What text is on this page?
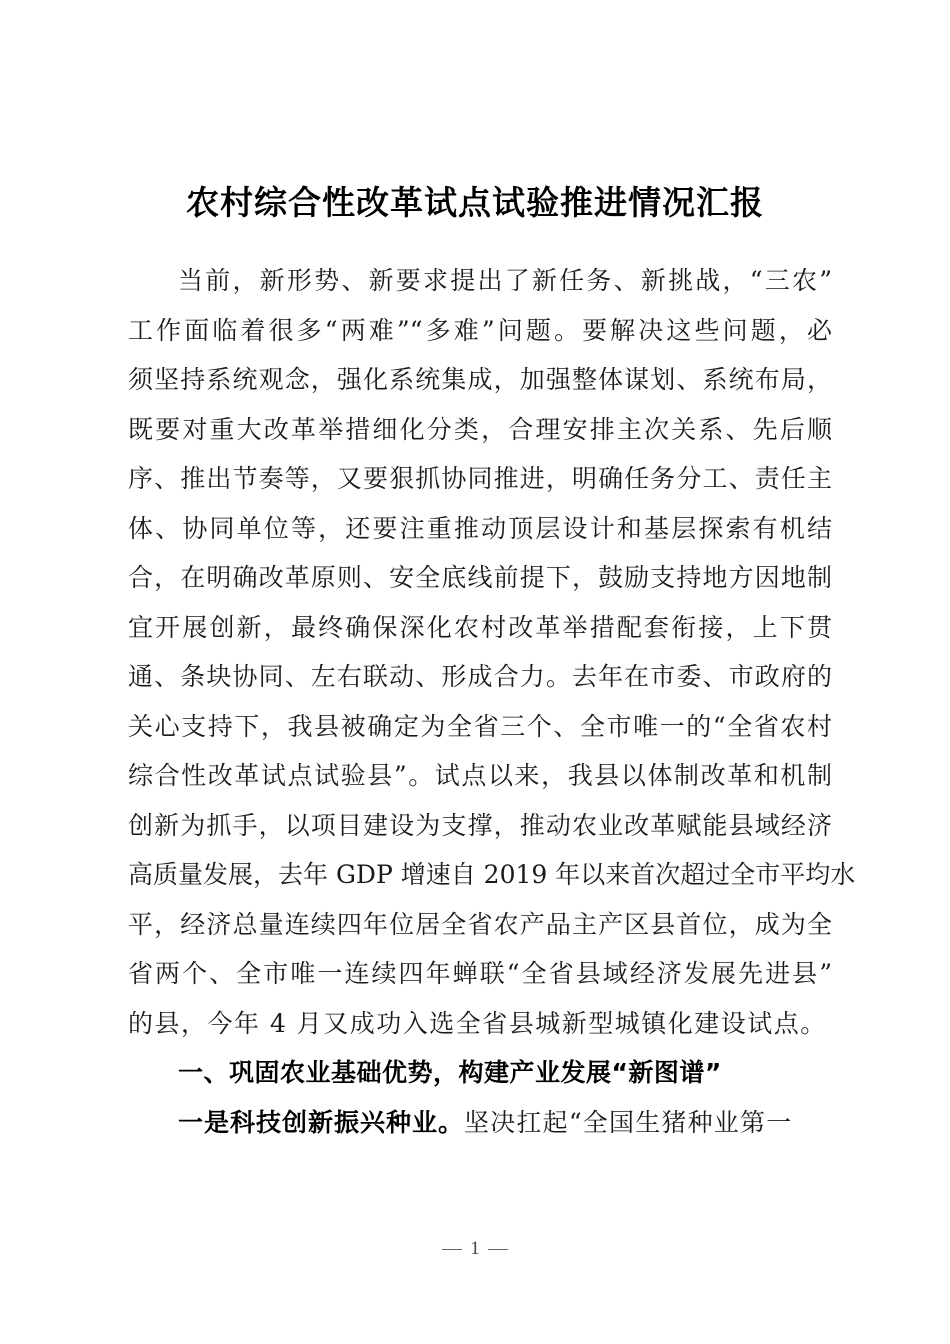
农村综合性改革试点试验推进情况汇报
当前，新形势、新要求提出了新任务、新挑战，“三农”
工作面临着很多“两难”“多难”问题。要解决这些问题，必
须坚持系统观念，强化系统集成，加强整体谋划、系统布局，
既要对重大改革举措细化分类，合理安排主次关系、先后顺
序、推出节奏等，又要狠抓协同推进，明确任务分工、责任主
体、协同单位等，还要注重推动顶层设计和基层探索有机结
合，在明确改革原则、安全底线前提下，鼓励支持地方因地制
宜开展创新，最终确保深化农村改革举措配套衔接，上下贯
通、条块协同、左右联动、形成合力。去年在市委、市政府的
关心支持下，我县被确定为全省三个、全市唯一的“全省农村
综合性改革试点试验县”。试点以来，我县以体制改革和机制
创新为抓手，以项目建设为支撑，推动农业改革赋能县域经济
高质量发展，去年 GDP 增速自 2019 年以来首次超过全市平均水
平，经济总量连续四年位居全省农产品主产区县首位，成为全
省两个、全市唯一连续四年蝉联“全省县域经济发展先进县”
的县，今年 4 月又成功入选全省县城新型城镇化建设试点。
一、巩固农业基础优势，构建产业发展“新图谱”
一是科技创新振兴种业。坚决扛起“全国生猪种业第一
1
